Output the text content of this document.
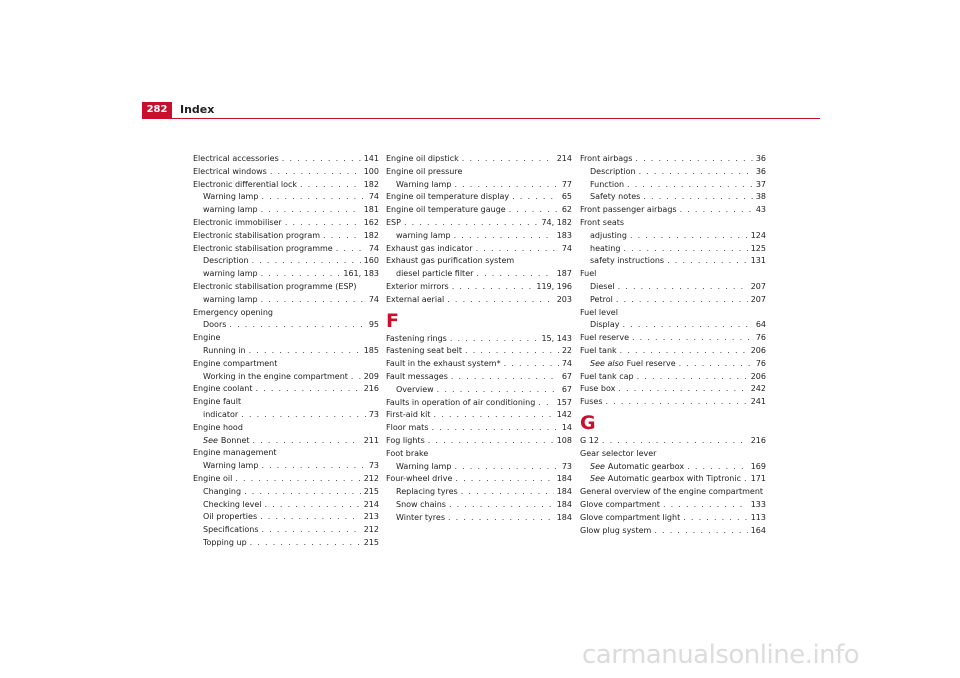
282	Index
Electrical accessories . . .	141
Electrical windows . . .	100
Electronic differential lock . . .	182
Warning lamp . . .	74
warning lamp . . .	181
Electronic immobiliser . . .	162
Electronic stabilisation program . . .	182
Electronic stabilisation programme . . .	74
Description . . .	160
warning lamp . . .	161, 183
Electronic stabilisation programme (ESP)
warning lamp . . .	74
Emergency opening
Doors . . .	95
Engine
Running in . . .	185
Engine compartment
Working in the engine compartment . . . 209
Engine coolant . . .	216
Engine fault
indicator . . .	73
Engine hood
See Bonnet . . .	211
Engine management
Warning lamp . . .	73
Engine oil . . .	212
Changing . . .	215
Checking level . . .	214
Oil properties . . .	213
Specifications . . .	212
Topping up . . .	215
Engine oil dipstick . . .	214
Engine oil pressure
Warning lamp . . .	77
Engine oil temperature display . . .	65
Engine oil temperature gauge . . .	62
ESP . . .	74, 182
warning lamp . . .	183
Exhaust gas indicator . . .	74
Exhaust gas purification system
diesel particle filter . . .	187
Exterior mirrors . . .	119, 196
External aerial . . .	203
F
Fastening rings . . .	15, 143
Fastening seat belt . . .	22
Fault in the exhaust system* . . .	74
Fault messages . . .	67
Overview . . .	67
Faults in operation of air conditioning . . .	157
First-aid kit . . .	142
Floor mats . . .	14
Fog lights . . .	108
Foot brake
Warning lamp . . .	73
Four-wheel drive . . .	184
Replacing tyres . . .	184
Snow chains . . .	184
Winter tyres . . .	184
Front airbags . . .	36
Description . . .	36
Function . . .	37
Safety notes . . .	38
Front passenger airbags . . .	43
Front seats
adjusting . . .	124
heating . . .	125
safety instructions . . .	131
Fuel
Diesel . . .	207
Petrol . . .	207
Fuel level
Display . . .	64
Fuel reserve . . .	76
Fuel tank . . .	206
See also Fuel reserve . . .	76
Fuel tank cap . . .	206
Fuse box . . .	242
Fuses . . .	241
G
G 12 . . .	216
Gear selector lever
See Automatic gearbox . . .	169
See Automatic gearbox with Tiptronic . . . 171
General overview of the engine compartment
Glove compartment . . .	133
Glove compartment light . . .	113
Glow plug system . . .	164
carmanualsonline.info
